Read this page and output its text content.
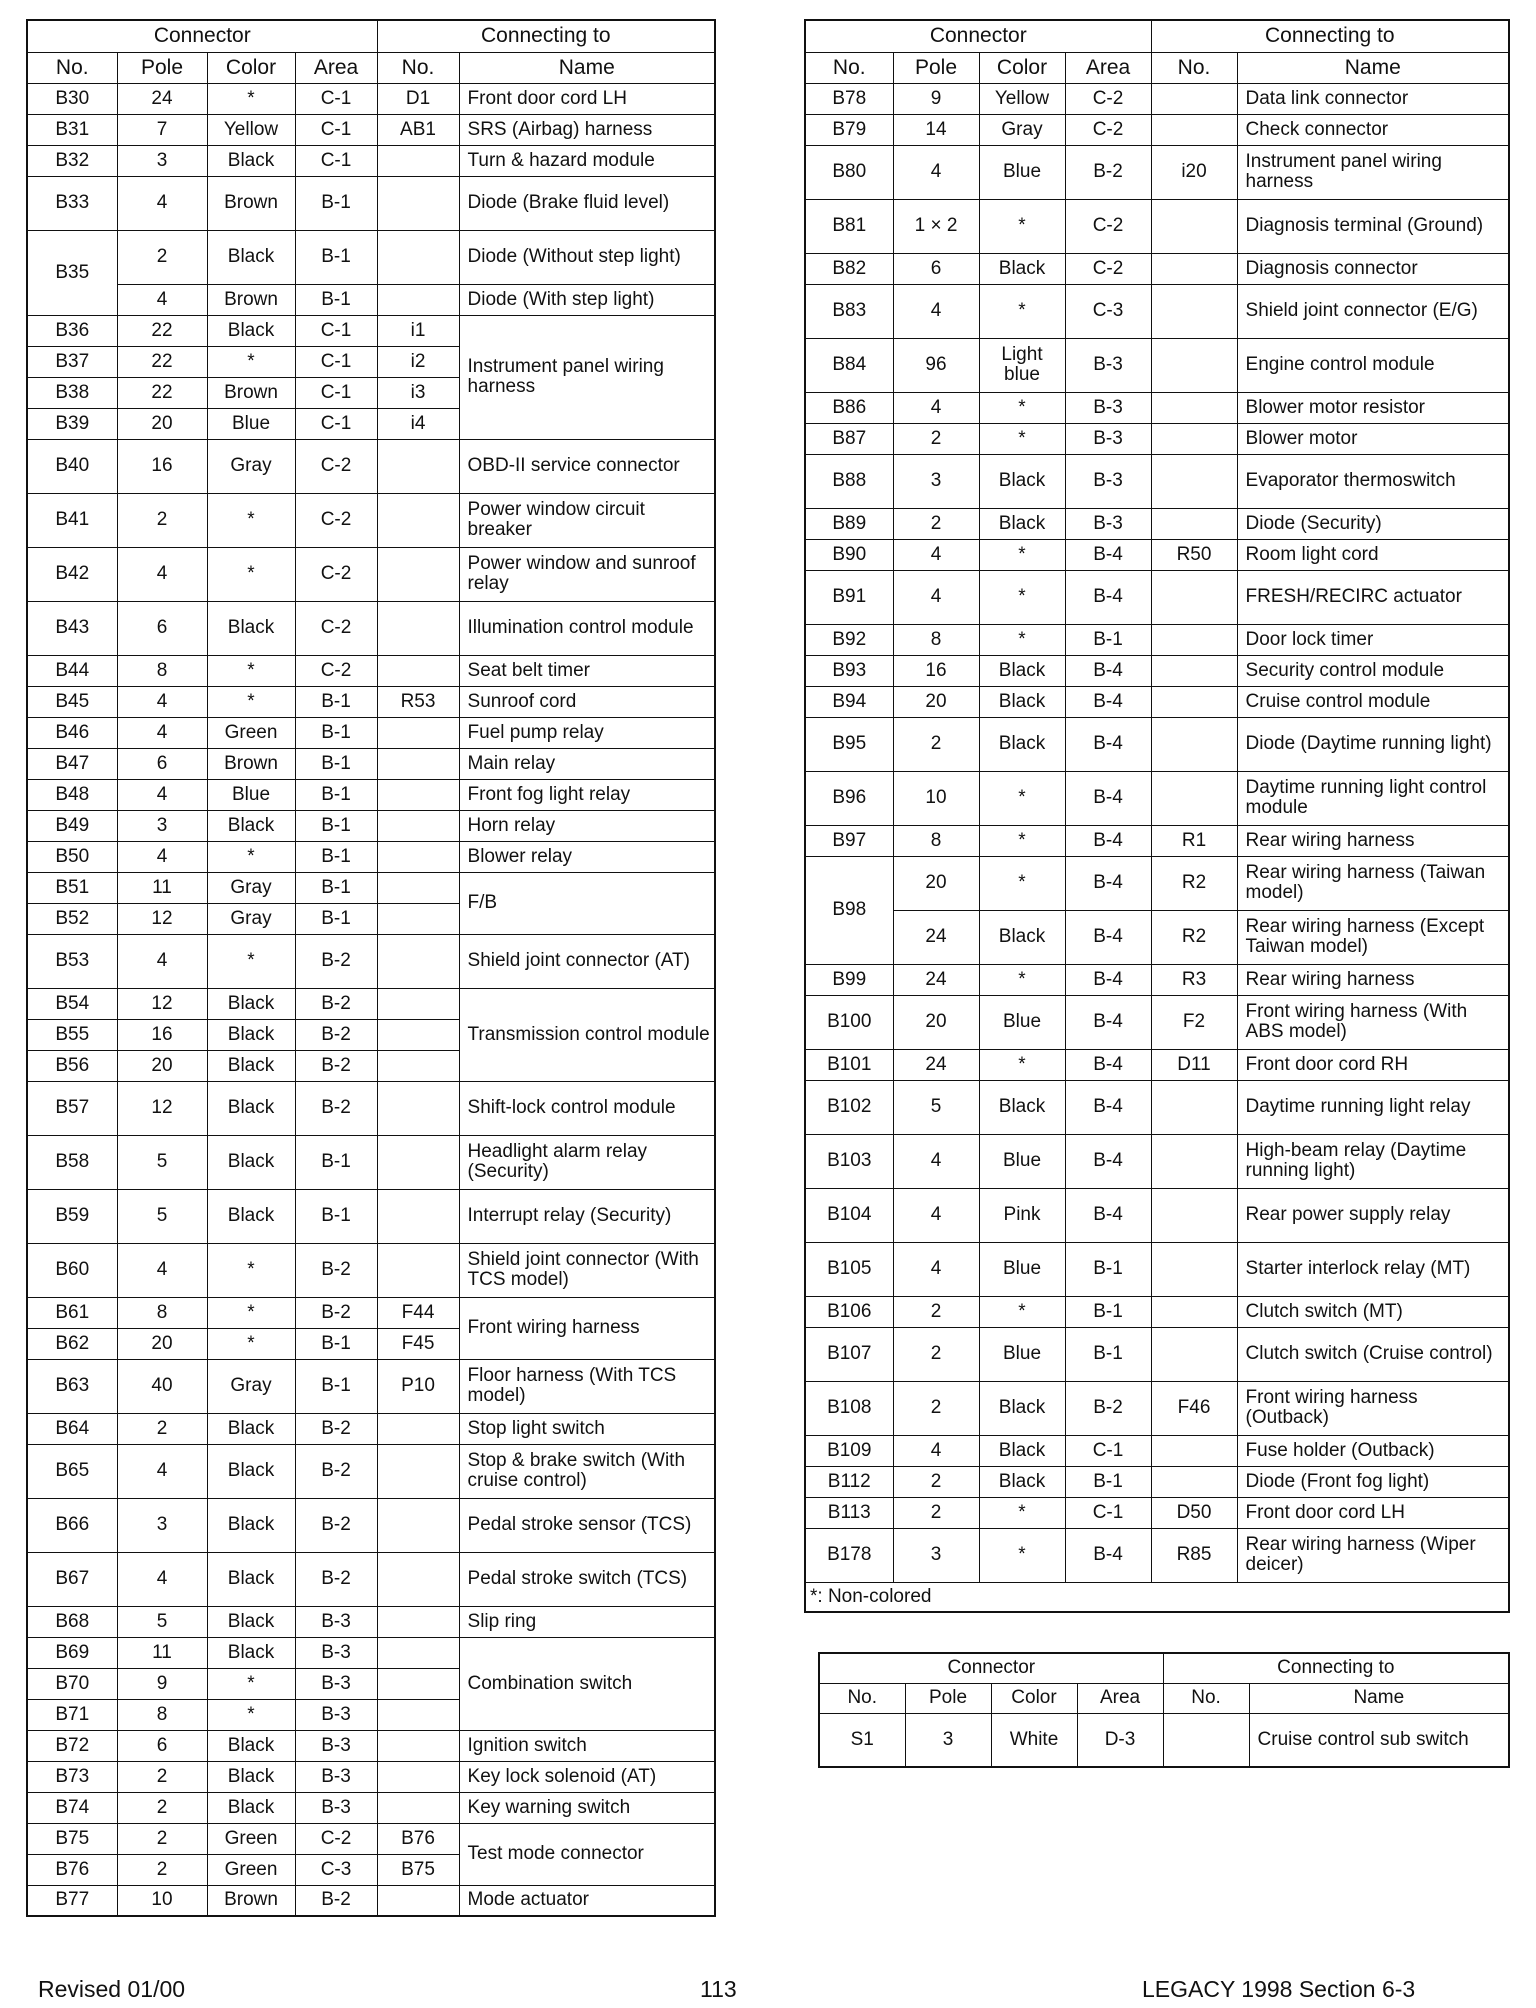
Connector				Connecting to	
No.	Pole	Color	Area	No.	Name
B30	24	*	C-1	D1	Front door cord LH
B31	7	Yellow	C-1	AB1	SRS (Airbag) harness
B32	3	Black	C-1		Turn & hazard module
B33	4	Brown	B-1		Diode (Brake fluid level)
B35	2	Black	B-1		Diode (Without step light)
	4	Brown	B-1		Diode (With step light)
B36	22	Black	C-1	i1	Instrument panel wiring harness
B37	22	*	C-1	i2	
B38	22	Brown	C-1	i3	
B39	20	Blue	C-1	i4	
B40	16	Gray	C-2		OBD-II service connector
B41	2	*	C-2		Power window circuit breaker
B42	4	*	C-2		Power window and sunroof relay
B43	6	Black	C-2		Illumination control module
B44	8	*	C-2		Seat belt timer
B45	4	*	B-1	R53	Sunroof cord
B46	4	Green	B-1		Fuel pump relay
B47	6	Brown	B-1		Main relay
B48	4	Blue	B-1		Front fog light relay
B49	3	Black	B-1		Horn relay
B50	4	*	B-1		Blower relay
B51	11	Gray	B-1		F/B
B52	12	Gray	B-1		
B53	4	*	B-2		Shield joint connector (AT)
B54	12	Black	B-2		Transmission control module
B55	16	Black	B-2		
B56	20	Black	B-2		
B57	12	Black	B-2		Shift-lock control module
B58	5	Black	B-1		Headlight alarm relay (Security)
B59	5	Black	B-1		Interrupt relay (Security)
B60	4	*	B-2		Shield joint connector (With TCS model)
B61	8	*	B-2	F44	Front wiring harness
B62	20	*	B-1	F45	
B63	40	Gray	B-1	P10	Floor harness (With TCS model)
B64	2	Black	B-2		Stop light switch
B65	4	Black	B-2		Stop & brake switch (With cruise control)
B66	3	Black	B-2		Pedal stroke sensor (TCS)
B67	4	Black	B-2		Pedal stroke switch (TCS)
B68	5	Black	B-3		Slip ring
B69	11	Black	B-3		Combination switch
B70	9	*	B-3		
B71	8	*	B-3		
B72	6	Black	B-3		Ignition switch
B73	2	Black	B-3		Key lock solenoid (AT)
B74	2	Black	B-3		Key warning switch
B75	2	Green	C-2	B76	Test mode connector
B76	2	Green	C-3	B75	
B77	10	Brown	B-2		Mode actuator
Connector				Connecting to	
No.	Pole	Color	Area	No.	Name
B78	9	Yellow	C-2		Data link connector
B79	14	Gray	C-2		Check connector
B80	4	Blue	B-2	i20	Instrument panel wiring harness
B81	1 × 2	*	C-2		Diagnosis terminal (Ground)
B82	6	Black	C-2		Diagnosis connector
B83	4	*	C-3		Shield joint connector (E/G)
B84	96	Light blue	B-3		Engine control module
B86	4	*	B-3		Blower motor resistor
B87	2	*	B-3		Blower motor
B88	3	Black	B-3		Evaporator thermoswitch
B89	2	Black	B-3		Diode (Security)
B90	4	*	B-4	R50	Room light cord
B91	4	*	B-4		FRESH/RECIRC actuator
B92	8	*	B-1		Door lock timer
B93	16	Black	B-4		Security control module
B94	20	Black	B-4		Cruise control module
B95	2	Black	B-4		Diode (Daytime running light)
B96	10	*	B-4		Daytime running light control module
B97	8	*	B-4	R1	Rear wiring harness
B98	20	*	B-4	R2	Rear wiring harness (Taiwan model)
	24	Black	B-4	R2	Rear wiring harness (Except Taiwan model)
B99	24	*	B-4	R3	Rear wiring harness
B100	20	Blue	B-4	F2	Front wiring harness (With ABS model)
B101	24	*	B-4	D11	Front door cord RH
B102	5	Black	B-4		Daytime running light relay
B103	4	Blue	B-4		High-beam relay (Daytime running light)
B104	4	Pink	B-4		Rear power supply relay
B105	4	Blue	B-1		Starter interlock relay (MT)
B106	2	*	B-1		Clutch switch (MT)
B107	2	Blue	B-1		Clutch switch (Cruise control)
B108	2	Black	B-2	F46	Front wiring harness (Outback)
B109	4	Black	C-1		Fuse holder (Outback)
B112	2	Black	B-1		Diode (Front fog light)
B113	2	*	C-1	D50	Front door cord LH
B178	3	*	B-4	R85	Rear wiring harness (Wiper deicer)
*: Non-colored					
Connector				Connecting to	
No.	Pole	Color	Area	No.	Name
S1	3	White	D-3		Cruise control sub switch
Revised 01/00	113	LEGACY 1998 Section 6-3
